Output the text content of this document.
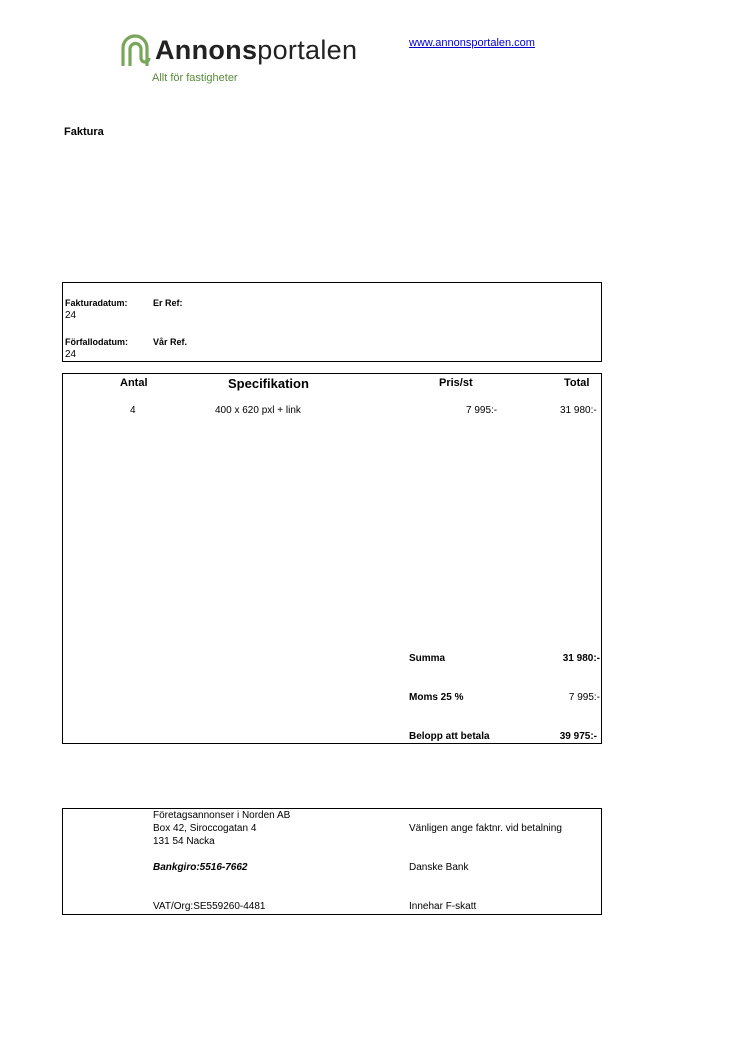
Annonsportalen
Allt för fastigheter
www.annonsportalen.com
Faktura
Fakturadatum:
24
Er Ref:
Förfallodatum:
24
Vår Ref.
Antal	Specifikation	Pris/st	Total
4	400 x 620 pxl + link	7 995:-	31 980:-
Summa	31 980:-
Moms 25 %	7 995:-
Belopp att betala	39 975:-
Företagsannonser i Norden AB
Box 42, Siroccogatan 4
131 54 Nacka
Bankgiro:5516-7662
VAT/Org:SE559260-4481
Vänligen ange faktnr. vid betalning
Danske Bank
Innehar F-skatt
